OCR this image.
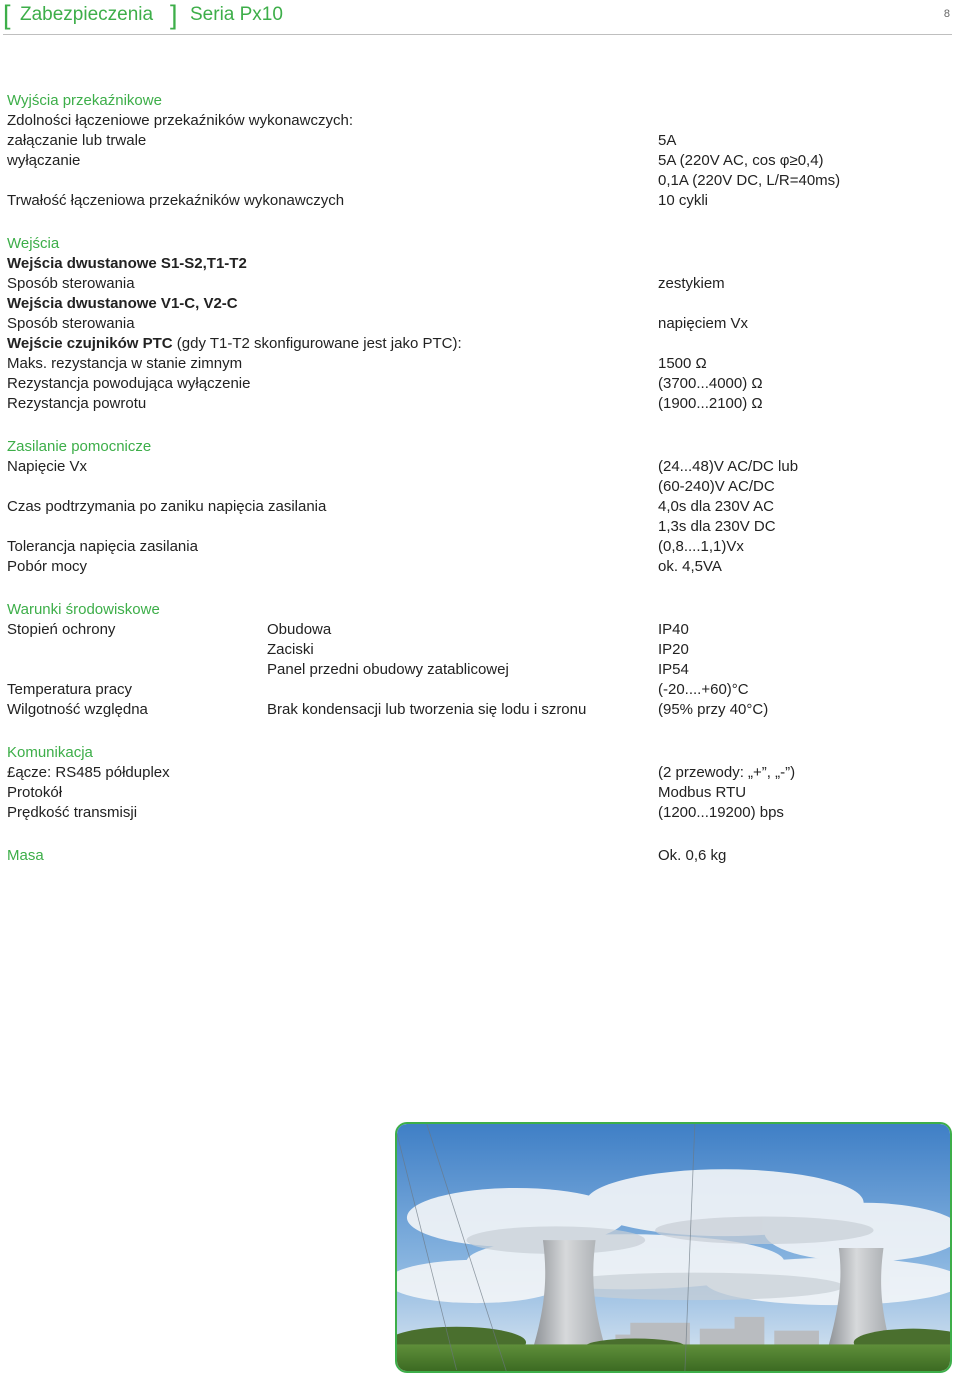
[ Zabezpieczenia ] Seria Px10	8
Wyjścia przekaźnikowe
Zdolności łączeniowe przekaźników wykonawczych:
załączanie lub trwale	5A
wyłączanie	5A (220V AC, cos φ≥0,4)
0,1A (220V DC, L/R=40ms)
Trwałość łączeniowa przekaźników wykonawczych	10 cykli
Wejścia
Wejścia dwustanowe S1-S2,T1-T2
Sposób sterowania	zestykiem
Wejścia dwustanowe V1-C, V2-C
Sposób sterowania	napięciem Vx
Wejście czujników PTC (gdy T1-T2 skonfigurowane jest jako PTC):
Maks. rezystancja w stanie zimnym	1500 Ω
Rezystancja powodująca wyłączenie	(3700...4000) Ω
Rezystancja powrotu	(1900...2100) Ω
Zasilanie pomocnicze
Napięcie Vx	(24...48)V AC/DC lub
(60-240)V AC/DC
Czas podtrzymania po zaniku napięcia zasilania	4,0s dla 230V AC
1,3s dla 230V DC
Tolerancja napięcia zasilania	(0,8....1,1)Vx
Pobór mocy	ok. 4,5VA
Warunki środowiskowe
Stopień ochrony	Obudowa	IP40
Zaciski	IP20
Panel przedni obudowy zatablicowej	IP54
Temperatura pracy	(-20....+60)°C
Wilgotność względna	Brak kondensacji lub tworzenia się lodu i szronu	(95% przy 40°C)
Komunikacja
£ącze: RS485 półduplex	(2 przewody: „+”, „-”)
Protokół	Modbus RTU
Prędkość transmisji	(1200...19200) bps
Masa	Ok. 0,6 kg
